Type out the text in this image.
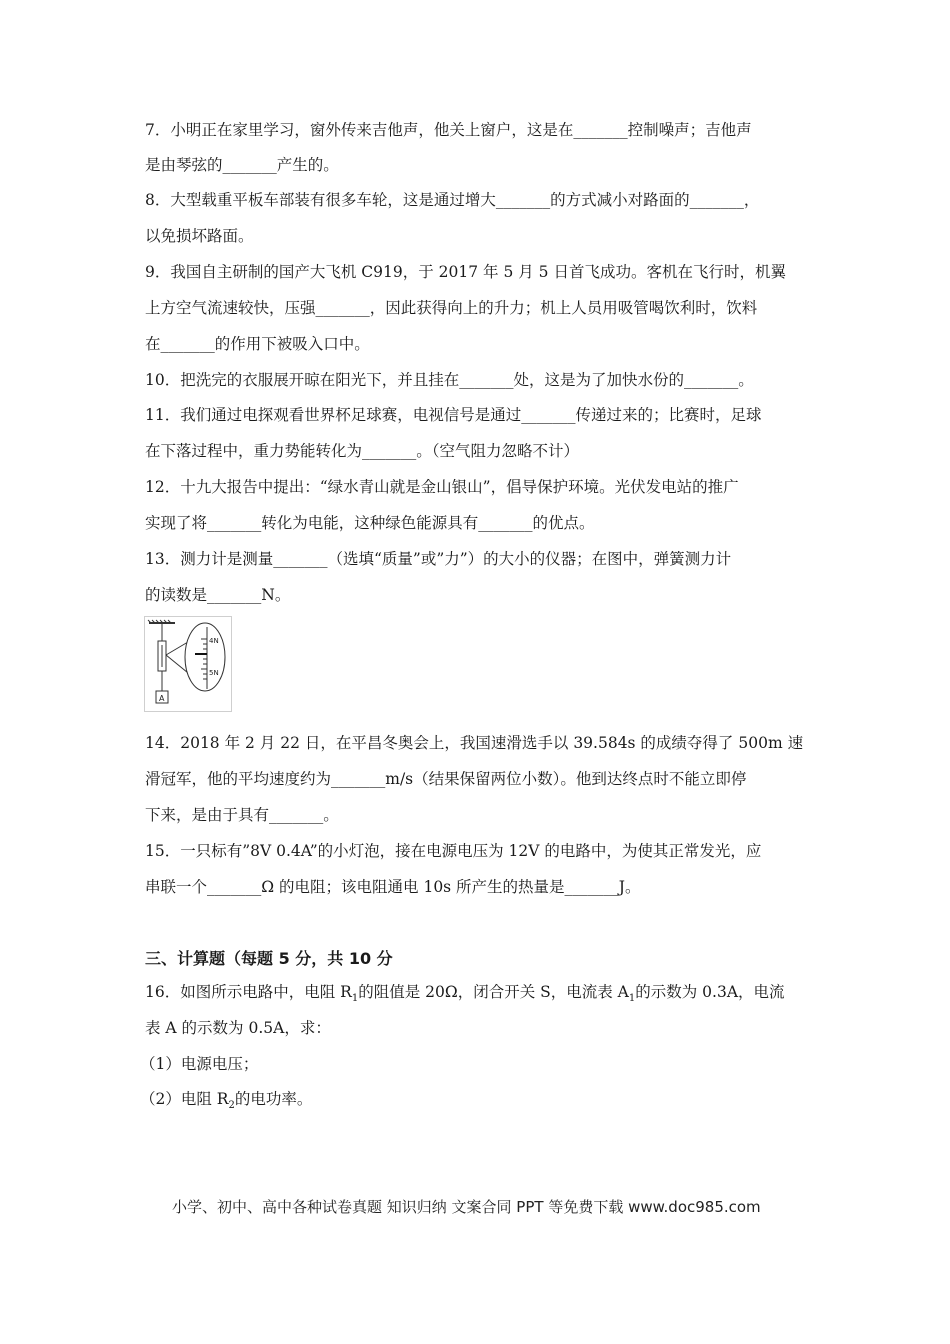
7．小明正在家里学习，窗外传来吉他声，他关上窗户，这是在_______控制噪声；吉他声
是由琴弦的_______产生的。
8．大型载重平板车部装有很多车轮，这是通过增大_______的方式减小对路面的_______，
以免损坏路面。
9．我国自主研制的国产大飞机 C919，于 2017 年 5 月 5 日首飞成功。客机在飞行时，机翼
上方空气流速较快，压强_______，因此获得向上的升力；机上人员用吸管喝饮利时，饮料
在_______的作用下被吸入口中。
10．把洗完的衣服展开晾在阳光下，并且挂在_______处，这是为了加快水份的_______。
11．我们通过电探观看世界杯足球赛，电视信号是通过_______传递过来的；比赛时，足球
在下落过程中，重力势能转化为_______。（空气阻力忽略不计）
12．十九大报告中提出：“绿水青山就是金山银山”，倡导保护环境。光伏发电站的推广
实现了将_______转化为电能，这种绿色能源具有_______的优点。
13．测力计是测量_______（选填“质量”或”力”）的大小的仪器；在图中，弹簧测力计
的读数是_______N。
4N
5N
A
14．2018 年 2 月 22 日，在平昌冬奥会上，我国速滑选手以 39.584s 的成绩夺得了 500m 速
滑冠军，他的平均速度约为_______m/s（结果保留两位小数）。他到达终点时不能立即停
下来，是由于具有_______。
15．一只标有”8V 0.4A”的小灯泡，接在电源电压为 12V 的电路中，为使其正常发光，应
串联一个_______Ω 的电阻；该电阻通电 10s 所产生的热量是_______J。
三、计算题（每题 5 分，共 10 分
16．如图所示电路中，电阻 $R_1$的阻值是 20Ω，闭合开关 S，电流表 $A_1$的示数为 0.3A，电流
表 A 的示数为 0.5A，求：
（1）电源电压；
（2）电阻 $R_2$的电功率。
小学、初中、高中各种试卷真题 知识归纳 文案合同 PPT 等免费下载 www.doc985.com
